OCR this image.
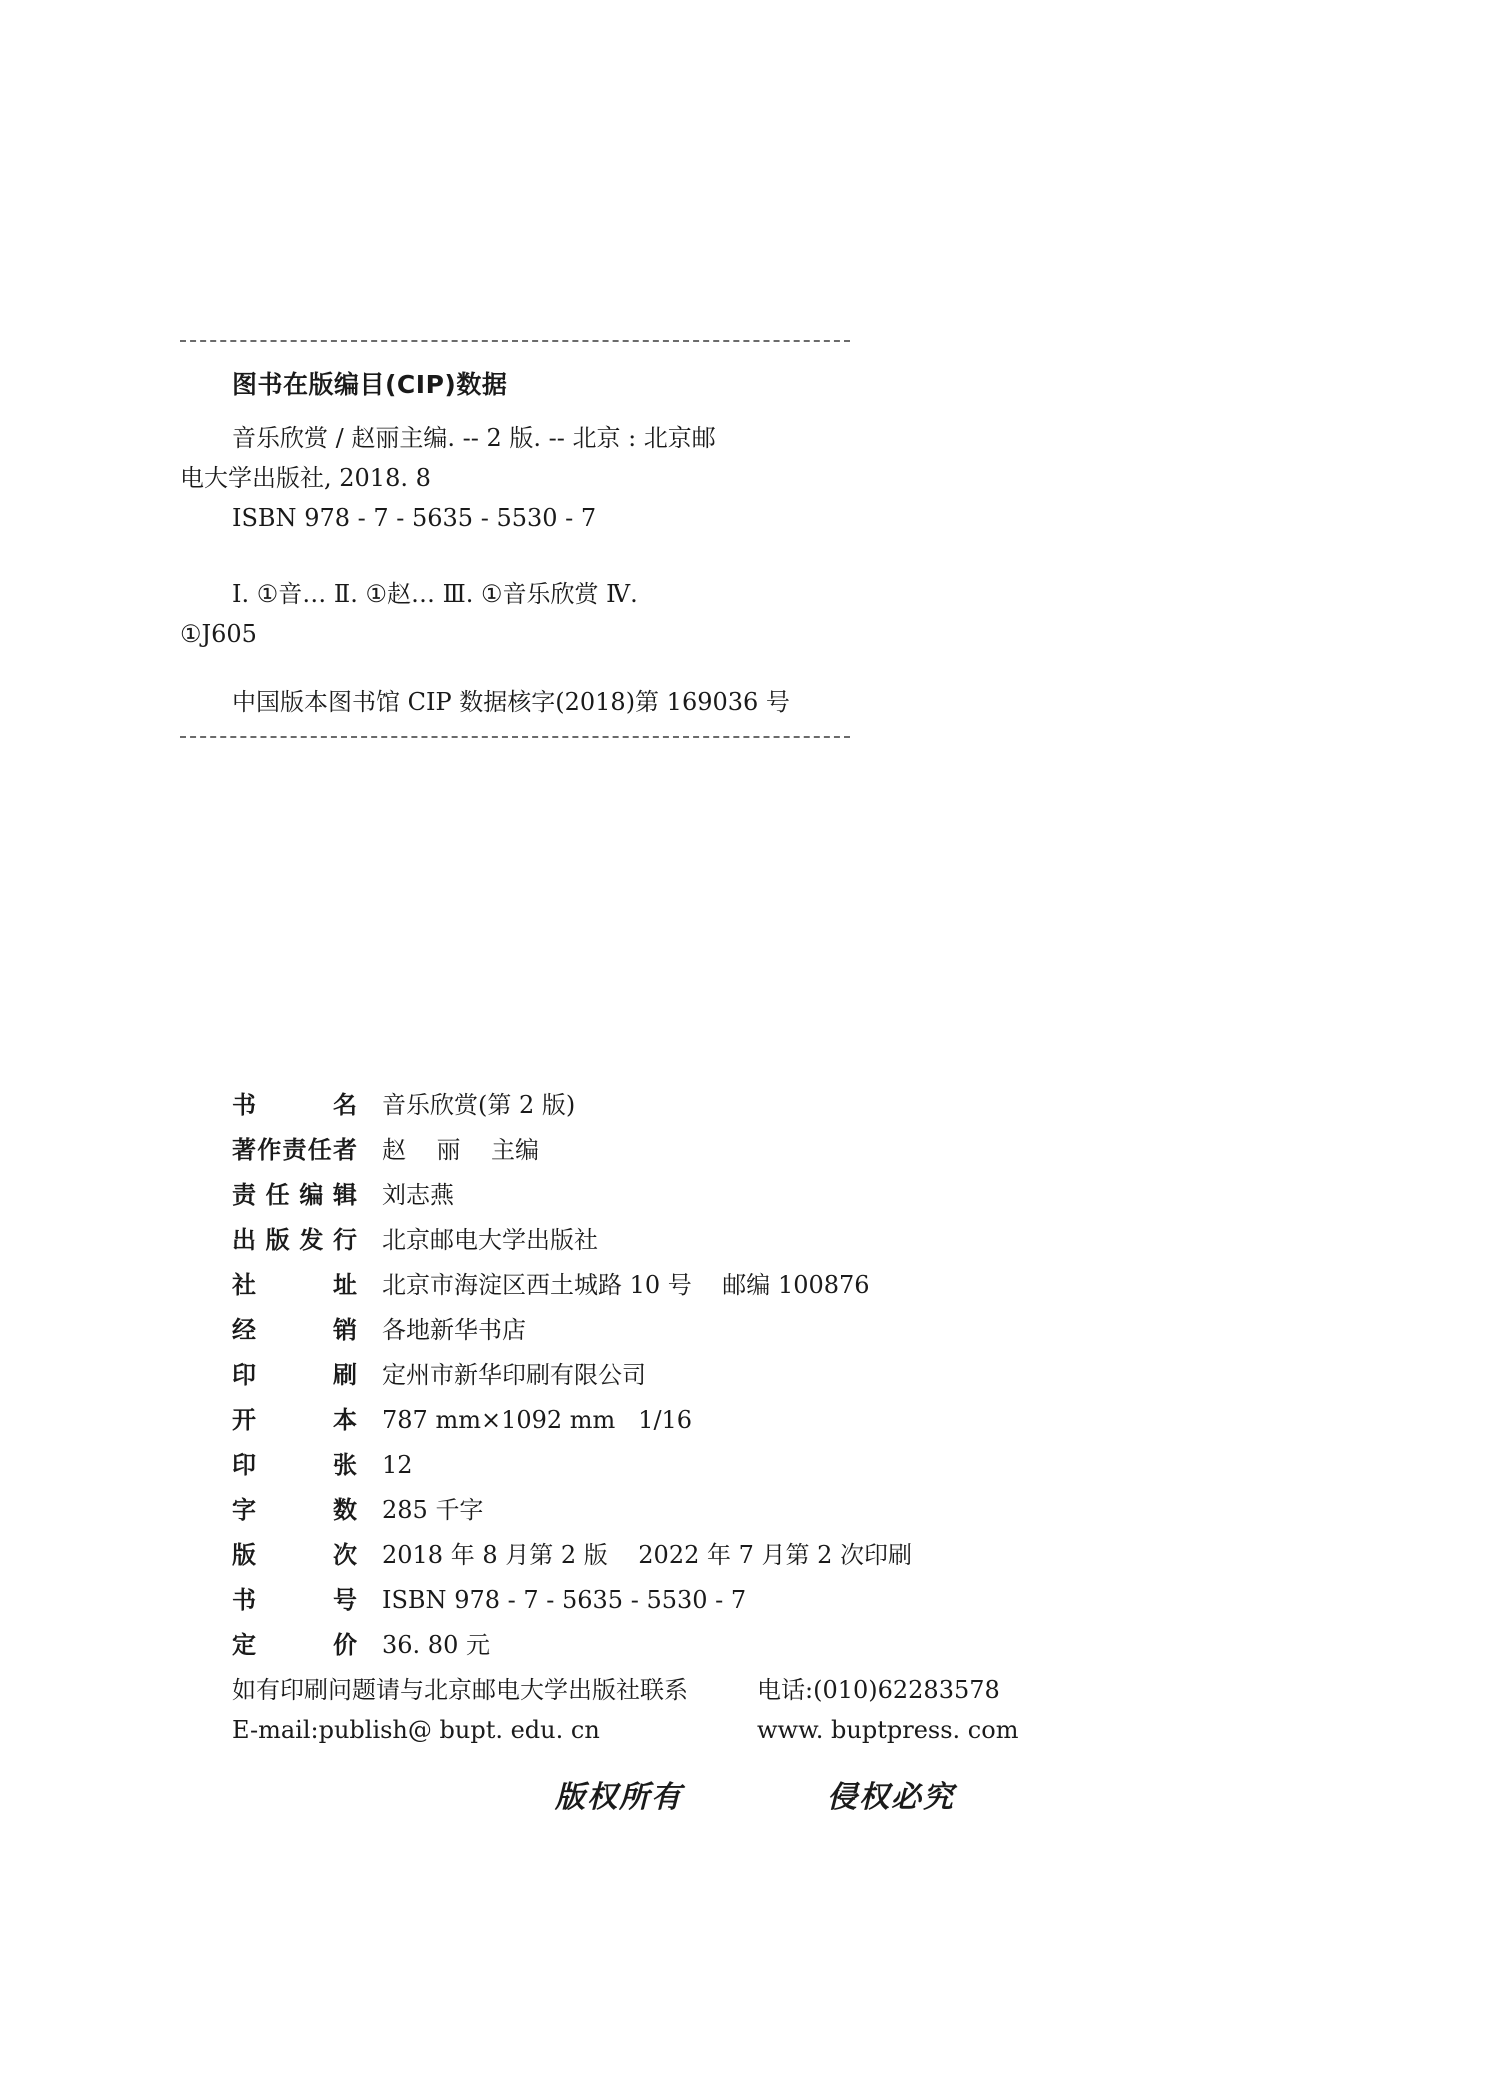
图书在版编目(CIP)数据
音乐欣赏 / 赵丽主编. -- 2 版. -- 北京 : 北京邮
电大学出版社, 2018. 8
ISBN 978 - 7 - 5635 - 5530 - 7
Ⅰ. ①音… Ⅱ. ①赵… Ⅲ. ①音乐欣赏 Ⅳ.
①J605
中国版本图书馆 CIP 数据核字(2018)第 169036 号
书	名 音乐欣赏(第 2 版)
著 作 责 任 者 赵    丽    主编
责 任 编 辑 刘志燕
出 版 发 行 北京邮电大学出版社
社	址 北京市海淀区西土城路 10 号    邮编 100876
经	销 各地新华书店
印	刷 定州市新华印刷有限公司
开	本 787 mm×1092 mm   1/16
印	张 12
字	数 285 千字
版	次 2018 年 8 月第 2 版    2022 年 7 月第 2 次印刷
书	号 ISBN 978 - 7 - 5635 - 5530 - 7
定	价 36. 80 元
如有印刷问题请与北京邮电大学出版社联系	电话:(010)62283578
E-mail:publish@ bupt. edu. cn	www. buptpress. com
版权所有	侵权必究
